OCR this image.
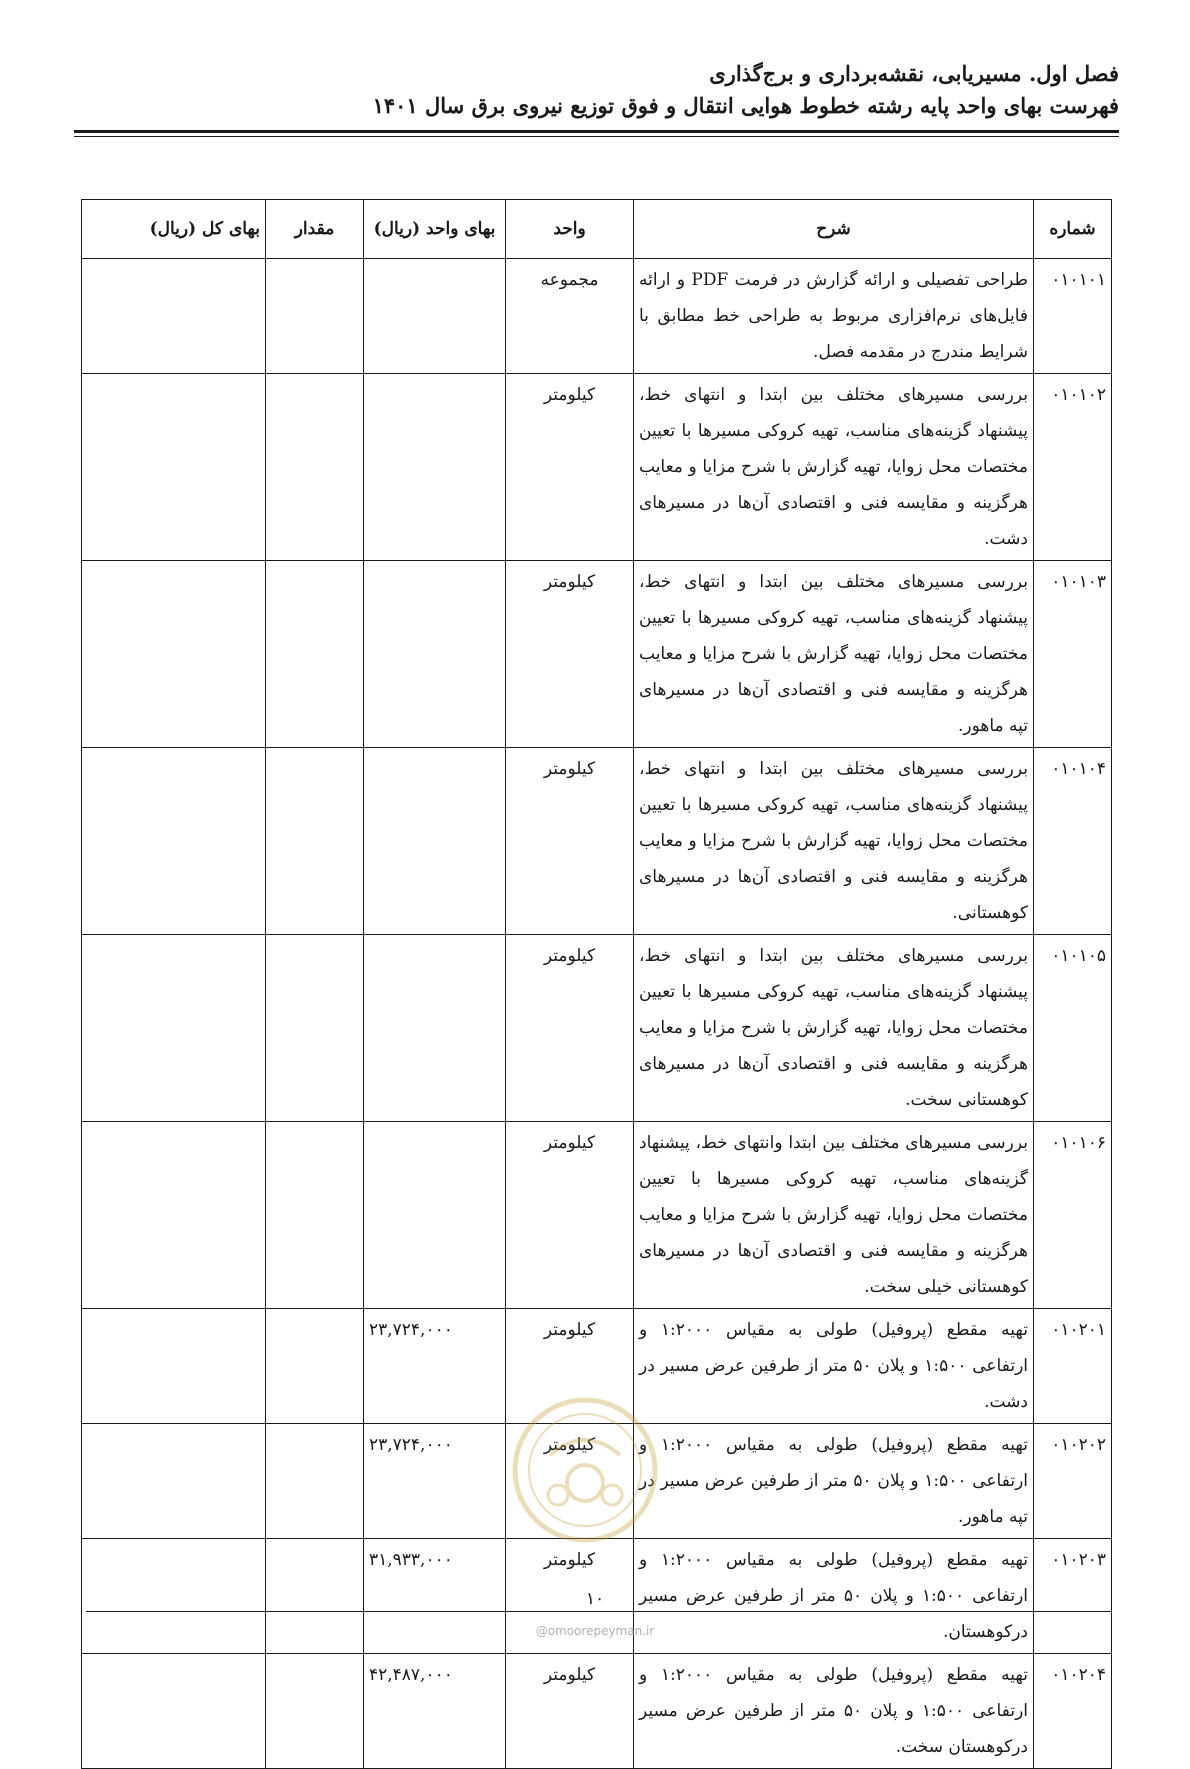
فصل اول. مسیریابی، نقشه‌برداری و برج‌گذاری
فهرست بهای واحد پایه رشته خطوط هوایی انتقال و فوق توزیع نیروی برق سال ۱۴۰۱
شماره	شرح	واحد	بهای واحد (ریال)	مقدار	بهای کل (ریال)
۰۱۰۱۰۱	طراحی تفصیلی و ارائه گزارش در فرمت PDF و ارائه فایل‌های نرم‌افزاری مربوط به طراحی خط مطابق با شرایط مندرج در مقدمه فصل.	مجموعه			
۰۱۰۱۰۲	بررسی مسیرهای مختلف بین ابتدا و انتهای خط، پیشنهاد گزینه‌های مناسب، تهیه کروکی مسیرها با تعیین مختصات محل زوایا، تهیه گزارش با شرح مزایا و معایب هرگزینه و مقایسه فنی و اقتصادی آن‌ها در مسیرهای دشت.	کیلومتر			
۰۱۰۱۰۳	بررسی مسیرهای مختلف بین ابتدا و انتهای خط، پیشنهاد گزینه‌های مناسب، تهیه کروکی مسیرها با تعیین مختصات محل زوایا، تهیه گزارش با شرح مزایا و معایب هرگزینه و مقایسه فنی و اقتصادی آن‌ها در مسیرهای تپه ماهور.	کیلومتر			
۰۱۰۱۰۴	بررسی مسیرهای مختلف بین ابتدا و انتهای خط، پیشنهاد گزینه‌های مناسب، تهیه کروکی مسیرها با تعیین مختصات محل زوایا، تهیه گزارش با شرح مزایا و معایب هرگزینه و مقایسه فنی و اقتصادی آن‌ها در مسیرهای کوهستانی.	کیلومتر			
۰۱۰۱۰۵	بررسی مسیرهای مختلف بین ابتدا و انتهای خط، پیشنهاد گزینه‌های مناسب، تهیه کروکی مسیرها با تعیین مختصات محل زوایا، تهیه گزارش با شرح مزایا و معایب هرگزینه و مقایسه فنی و اقتصادی آن‌ها در مسیرهای کوهستانی سخت.	کیلومتر			
۰۱۰۱۰۶	بررسی مسیرهای مختلف بین ابتدا وانتهای خط، پیشنهاد گزینه‌های مناسب، تهیه کروکی مسیرها با تعیین مختصات محل زوایا، تهیه گزارش با شرح مزایا و معایب هرگزینه و مقایسه فنی و اقتصادی آن‌ها در مسیرهای کوهستانی خیلی سخت.	کیلومتر			
۰۱۰۲۰۱	تهیه مقطع (پروفیل) طولی به مقیاس ۱:۲۰۰۰ و ارتفاعی ۱:۵۰۰ و پلان ۵۰ متر از طرفین عرض مسیر در دشت.	کیلومتر	۲۳,۷۲۴,۰۰۰		
۰۱۰۲۰۲	تهیه مقطع (پروفیل) طولی به مقیاس ۱:۲۰۰۰ و ارتفاعی ۱:۵۰۰ و پلان ۵۰ متر از طرفین عرض مسیر در تپه ماهور.	کیلومتر	۲۳,۷۲۴,۰۰۰		
۰۱۰۲۰۳	تهیه مقطع (پروفیل) طولی به مقیاس ۱:۲۰۰۰ و ارتفاعی ۱:۵۰۰ و پلان ۵۰ متر از طرفین عرض مسیر درکوهستان.	کیلومتر	۳۱,۹۳۳,۰۰۰		
۰۱۰۲۰۴	تهیه مقطع (پروفیل) طولی به مقیاس ۱:۲۰۰۰ و ارتفاعی ۱:۵۰۰ و پلان ۵۰ متر از طرفین عرض مسیر درکوهستان سخت.	کیلومتر	۴۲,۴۸۷,۰۰۰		
۱۰
@omoorepeyman.ir
